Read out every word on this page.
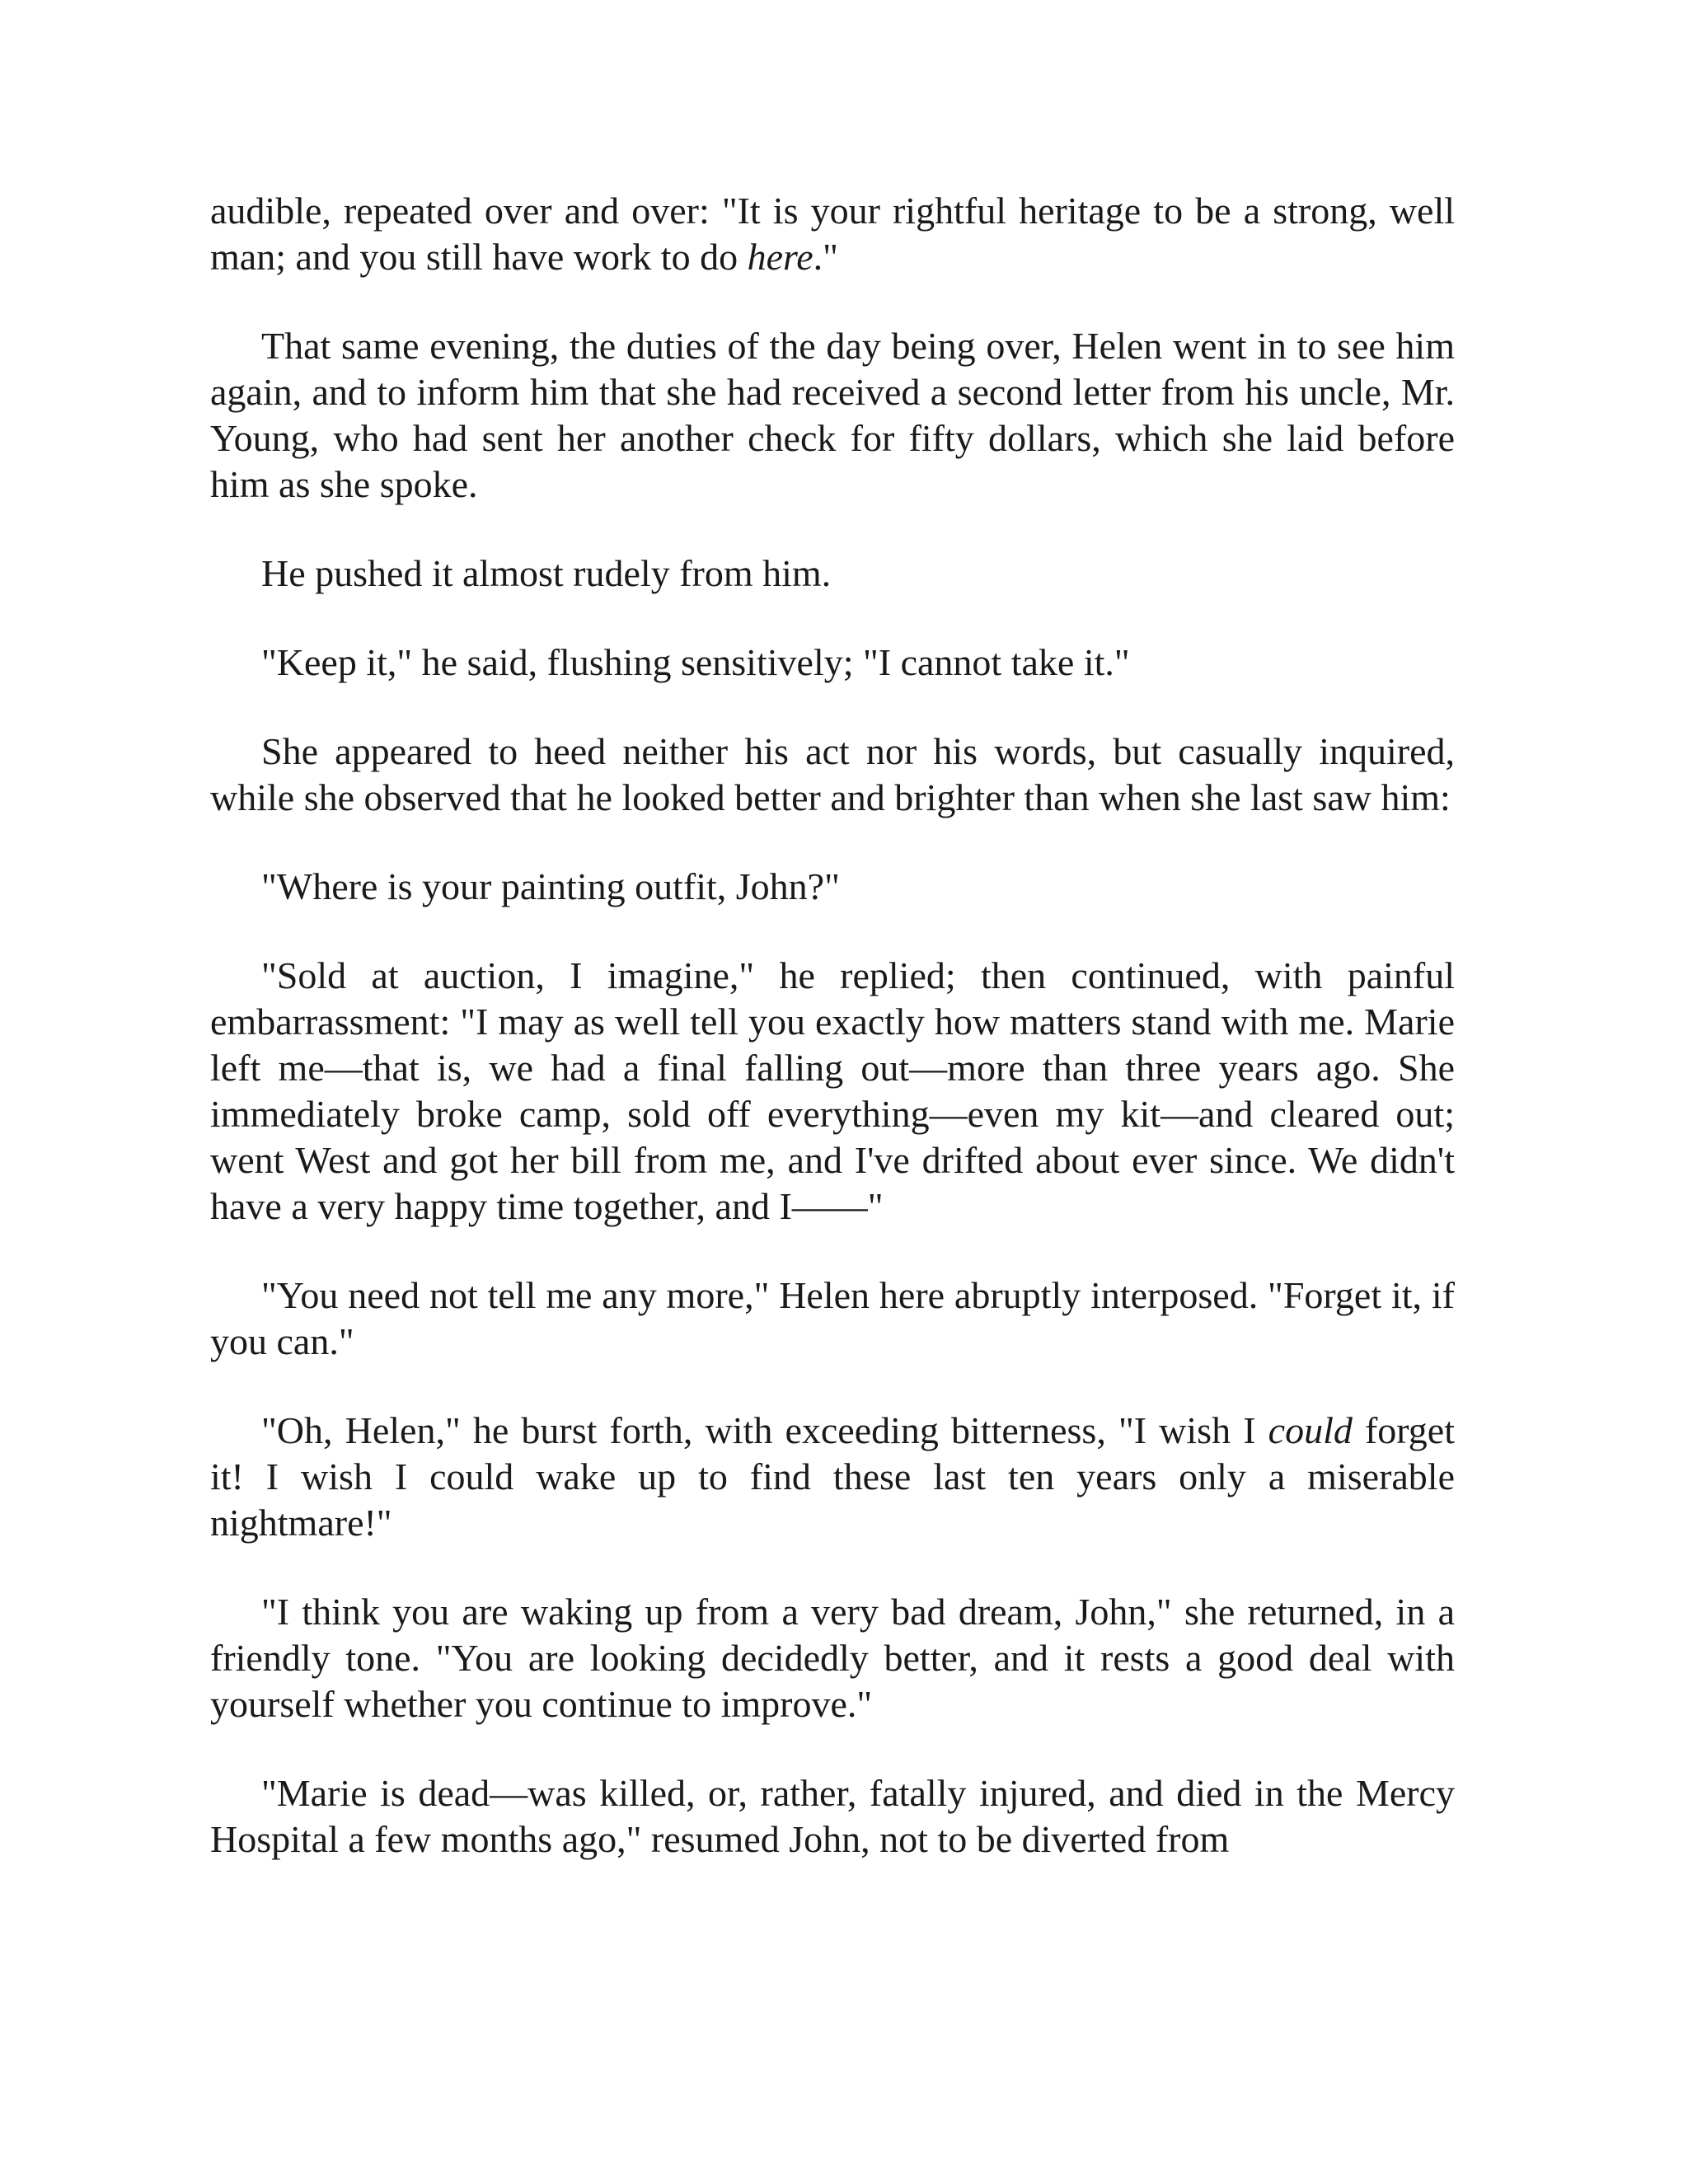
audible, repeated over and over: "It is your rightful heritage to be a strong, well man; and you still have work to do here."

That same evening, the duties of the day being over, Helen went in to see him again, and to inform him that she had received a second letter from his uncle, Mr. Young, who had sent her another check for fifty dollars, which she laid before him as she spoke.

He pushed it almost rudely from him.

"Keep it," he said, flushing sensitively; "I cannot take it."

She appeared to heed neither his act nor his words, but casually inquired, while she observed that he looked better and brighter than when she last saw him:

"Where is your painting outfit, John?"

"Sold at auction, I imagine," he replied; then continued, with painful embarrassment: "I may as well tell you exactly how matters stand with me. Marie left me—that is, we had a final falling out—more than three years ago. She immediately broke camp, sold off everything—even my kit—and cleared out; went West and got her bill from me, and I've drifted about ever since. We didn't have a very happy time together, and I——"

"You need not tell me any more," Helen here abruptly interposed. "Forget it, if you can."

"Oh, Helen," he burst forth, with exceeding bitterness, "I wish I could forget it! I wish I could wake up to find these last ten years only a miserable nightmare!"

"I think you are waking up from a very bad dream, John," she returned, in a friendly tone. "You are looking decidedly better, and it rests a good deal with yourself whether you continue to improve."

"Marie is dead—was killed, or, rather, fatally injured, and died in the Mercy Hospital a few months ago," resumed John, not to be diverted from
